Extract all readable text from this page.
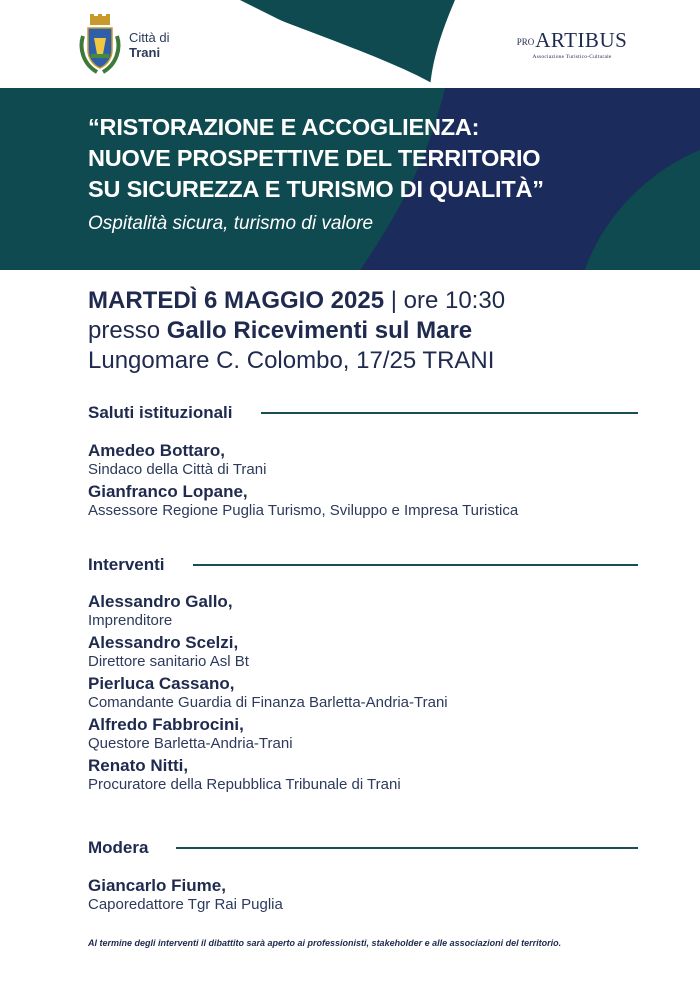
Città di
Trani
PRO ARTIBUS
Associazione Turistico-Culturale
“RISTORAZIONE E ACCOGLIENZA:
NUOVE PROSPETTIVE DEL TERRITORIO
SU SICUREZZA E TURISMO DI QUALITÀ”
Ospitalità sicura, turismo di valore
MARTEDÌ 6 MAGGIO 2025 | ore 10:30
presso Gallo Ricevimenti sul Mare
Lungomare C. Colombo, 17/25 TRANI
Saluti istituzionali
Amedeo Bottaro,
Sindaco della Città di Trani
Gianfranco Lopane,
Assessore Regione Puglia Turismo, Sviluppo e Impresa Turistica
Interventi
Alessandro Gallo,
Imprenditore
Alessandro Scelzi,
Direttore sanitario Asl Bt
Pierluca Cassano,
Comandante Guardia di Finanza Barletta-Andria-Trani
Alfredo Fabbrocini,
Questore Barletta-Andria-Trani
Renato Nitti,
Procuratore della Repubblica Tribunale di Trani
Modera
Giancarlo Fiume,
Caporedattore Tgr Rai Puglia
Al termine degli interventi il dibattito sarà aperto ai professionisti, stakeholder e alle associazioni del territorio.
